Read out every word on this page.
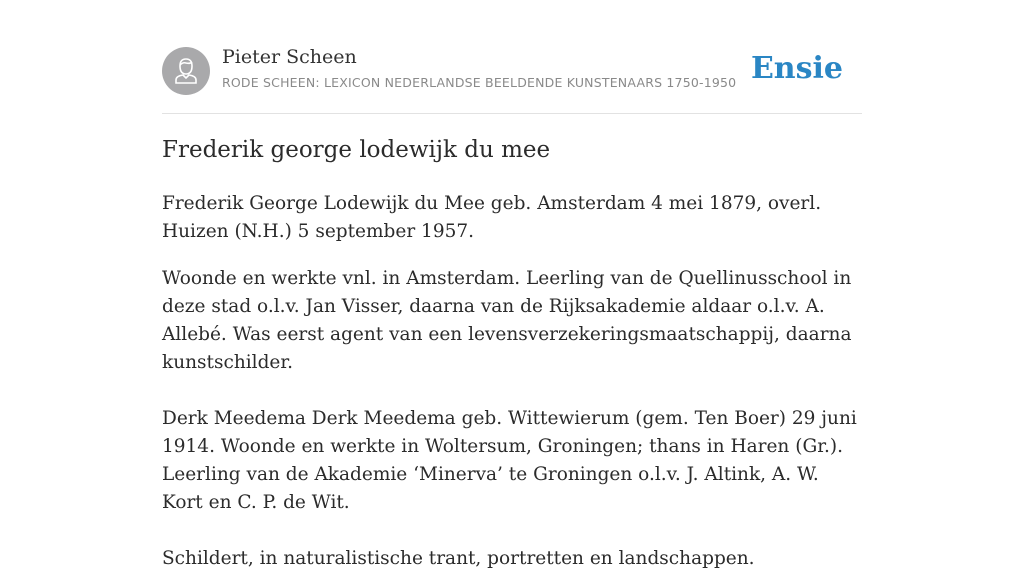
Pieter Scheen
RODE SCHEEN: LEXICON NEDERLANDSE BEELDENDE KUNSTENAARS 1750-1950 Ensie
Frederik george lodewijk du mee

Frederik George Lodewijk du Mee geb. Amsterdam 4 mei 1879, overl. Huizen (N.H.) 5 september 1957.

Woonde en werkte vnl. in Amsterdam. Leerling van de Quellinusschool in deze stad o.l.v. Jan Visser, daarna van de Rijksakademie aldaar o.l.v. A. Allebé. Was eerst agent van een levensverzekeringsmaatschappij, daarna kunstschilder.

Derk Meedema Derk Meedema geb. Wittewierum (gem. Ten Boer) 29 juni 1914. Woonde en werkte in Woltersum, Groningen; thans in Haren (Gr.). Leerling van de Akademie ‘Minerva’ te Groningen o.l.v. J. Altink, A. W. Kort en C. P. de Wit.

Schildert, in naturalistische trant, portretten en landschappen.
